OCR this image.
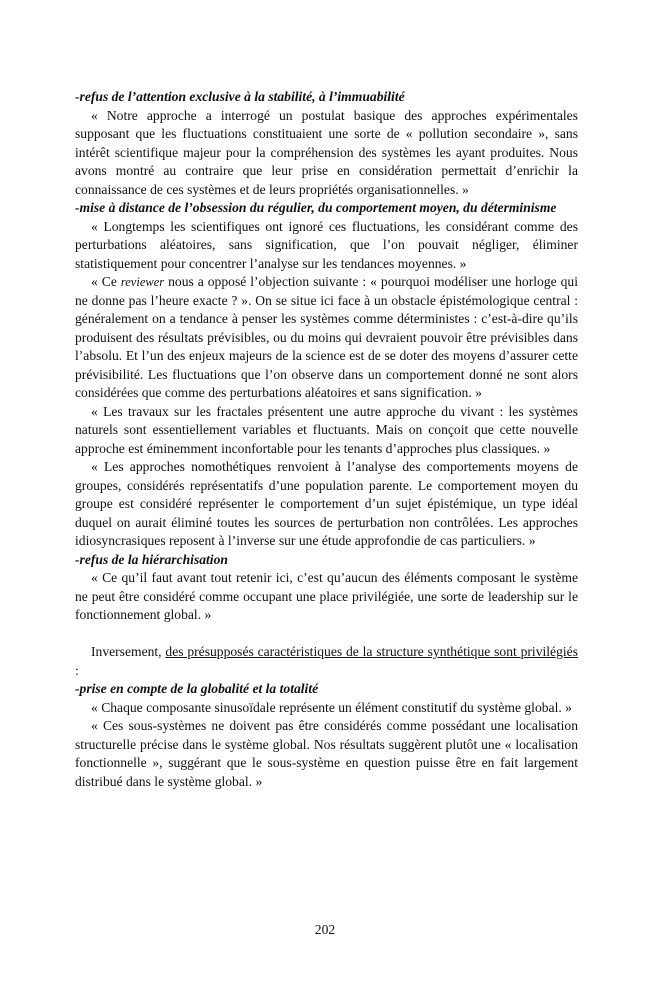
-refus de l’attention exclusive à la stabilité, à l’immuabilité

« Notre approche a interrogé un postulat basique des approches expérimentales supposant que les fluctuations constituaient une sorte de « pollution secondaire », sans intérêt scientifique majeur pour la compréhension des systèmes les ayant produites. Nous avons montré au contraire que leur prise en considération permettait d’enrichir la connaissance de ces systèmes et de leurs propriétés organisationnelles. »

-mise à distance de l’obsession du régulier, du comportement moyen, du déterminisme

« Longtemps les scientifiques ont ignoré ces fluctuations, les considérant comme des perturbations aléatoires, sans signification, que l’on pouvait négliger, éliminer statistiquement pour concentrer l’analyse sur les tendances moyennes. »

« Ce reviewer nous a opposé l’objection suivante : « pourquoi modéliser une horloge qui ne donne pas l’heure exacte ? ». On se situe ici face à un obstacle épistémologique central : généralement on a tendance à penser les systèmes comme déterministes : c’est-à-dire qu’ils produisent des résultats prévisibles, ou du moins qui devraient pouvoir être prévisibles dans l’absolu. Et l’un des enjeux majeurs de la science est de se doter des moyens d’assurer cette prévisibilité. Les fluctuations que l’on observe dans un comportement donné ne sont alors considérées que comme des perturbations aléatoires et sans signification. »

« Les travaux sur les fractales présentent une autre approche du vivant : les systèmes naturels sont essentiellement variables et fluctuants. Mais on conçoit que cette nouvelle approche est éminemment inconfortable pour les tenants d’approches plus classiques. »

« Les approches nomothétiques renvoient à l’analyse des comportements moyens de groupes, considérés représentatifs d’une population parente. Le comportement moyen du groupe est considéré représenter le comportement d’un sujet épistémique, un type idéal duquel on aurait éliminé toutes les sources de perturbation non contrôlées. Les approches idiosyncrasiques reposent à l’inverse sur une étude approfondie de cas particuliers. »

-refus de la hiérarchisation

« Ce qu’il faut avant tout retenir ici, c’est qu’aucun des éléments composant le système ne peut être considéré comme occupant une place privilégiée, une sorte de leadership sur le fonctionnement global. »

Inversement, des présupposés caractéristiques de la structure synthétique sont privilégiés :

-prise en compte de la globalité et la totalité

« Chaque composante sinusoïdale représente un élément constitutif du système global. »

« Ces sous-systèmes ne doivent pas être considérés comme possédant une localisation structurelle précise dans le système global. Nos résultats suggèrent plutôt une « localisation fonctionnelle », suggérant que le sous-système en question puisse être en fait largement distribué dans le système global. »

202
